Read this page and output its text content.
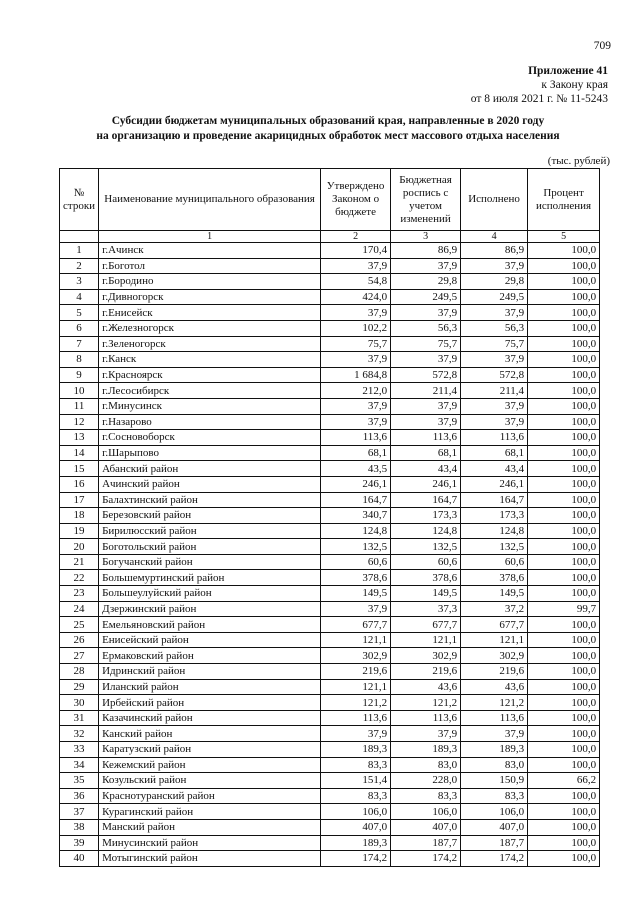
709
Приложение 41
к Закону края
от 8 июля 2021 г. № 11-5243
Субсидии бюджетам муниципальных образований края, направленные в 2020 году
на организацию и проведение акарицидных обработок мест массового отдыха населения
(тыс. рублей)
№ строки	Наименование муниципального образования	Утверждено Законом о бюджете	Бюджетная роспись с учетом изменений	Исполнено	Процент исполнения
	1	2	3	4	5
1	г.Ачинск	170,4	86,9	86,9	100,0
2	г.Боготол	37,9	37,9	37,9	100,0
3	г.Бородино	54,8	29,8	29,8	100,0
4	г.Дивногорск	424,0	249,5	249,5	100,0
5	г.Енисейск	37,9	37,9	37,9	100,0
6	г.Железногорск	102,2	56,3	56,3	100,0
7	г.Зеленогорск	75,7	75,7	75,7	100,0
8	г.Канск	37,9	37,9	37,9	100,0
9	г.Красноярск	1 684,8	572,8	572,8	100,0
10	г.Лесосибирск	212,0	211,4	211,4	100,0
11	г.Минусинск	37,9	37,9	37,9	100,0
12	г.Назарово	37,9	37,9	37,9	100,0
13	г.Сосновоборск	113,6	113,6	113,6	100,0
14	г.Шарыпово	68,1	68,1	68,1	100,0
15	Абанский район	43,5	43,4	43,4	100,0
16	Ачинский район	246,1	246,1	246,1	100,0
17	Балахтинский район	164,7	164,7	164,7	100,0
18	Березовский район	340,7	173,3	173,3	100,0
19	Бирилюсский район	124,8	124,8	124,8	100,0
20	Боготольский район	132,5	132,5	132,5	100,0
21	Богучанский район	60,6	60,6	60,6	100,0
22	Большемуртинский район	378,6	378,6	378,6	100,0
23	Большеулуйский район	149,5	149,5	149,5	100,0
24	Дзержинский район	37,9	37,3	37,2	99,7
25	Емельяновский район	677,7	677,7	677,7	100,0
26	Енисейский район	121,1	121,1	121,1	100,0
27	Ермаковский район	302,9	302,9	302,9	100,0
28	Идринский район	219,6	219,6	219,6	100,0
29	Иланский район	121,1	43,6	43,6	100,0
30	Ирбейский район	121,2	121,2	121,2	100,0
31	Казачинский район	113,6	113,6	113,6	100,0
32	Канский район	37,9	37,9	37,9	100,0
33	Каратузский район	189,3	189,3	189,3	100,0
34	Кежемский район	83,3	83,0	83,0	100,0
35	Козульский район	151,4	228,0	150,9	66,2
36	Краснотуранский район	83,3	83,3	83,3	100,0
37	Курагинский район	106,0	106,0	106,0	100,0
38	Манский район	407,0	407,0	407,0	100,0
39	Минусинский район	189,3	187,7	187,7	100,0
40	Мотыгинский район	174,2	174,2	174,2	100,0
